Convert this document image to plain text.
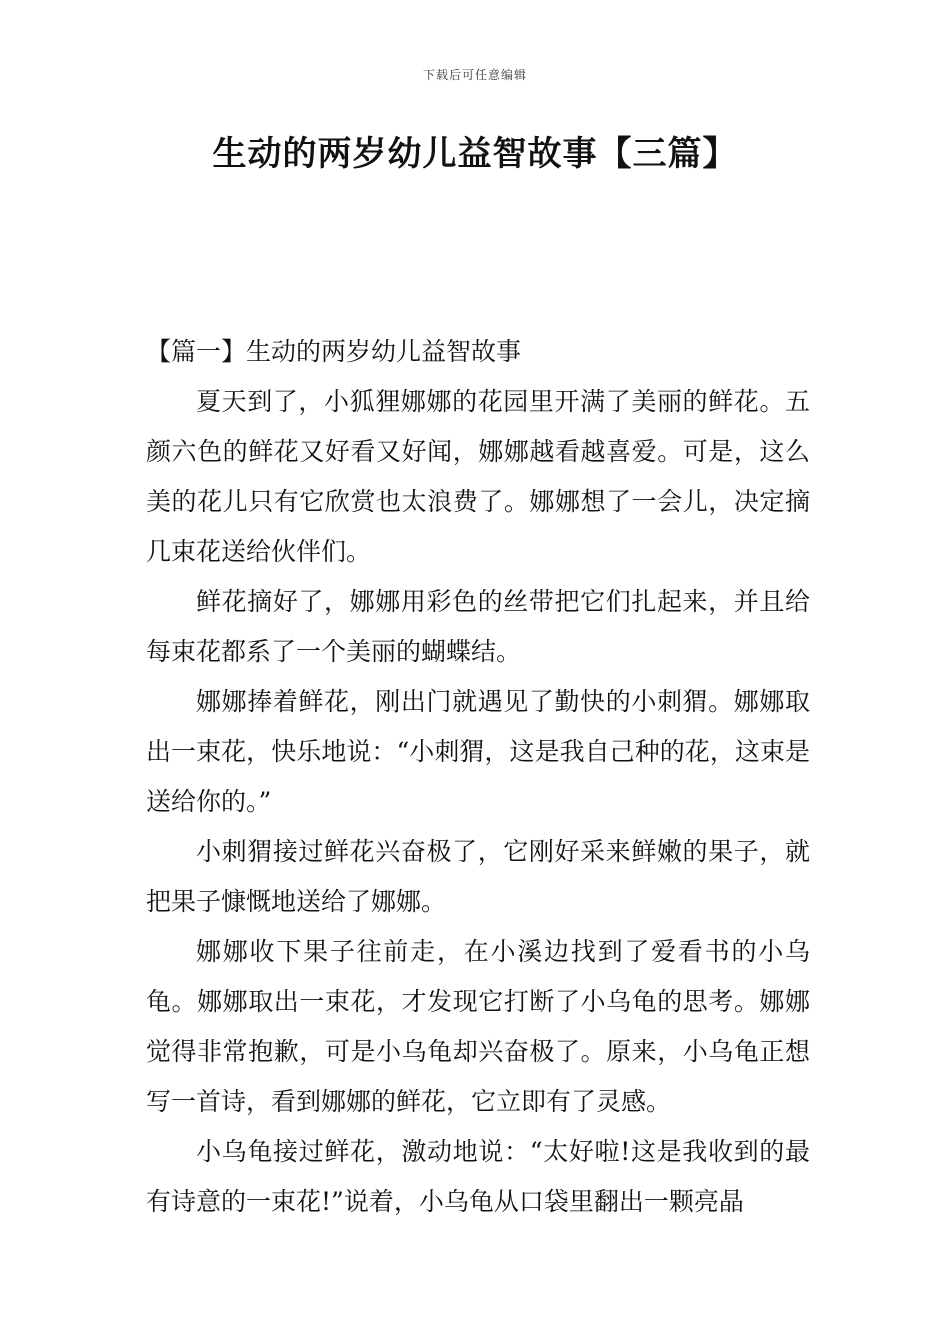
下载后可任意编辑
生动的两岁幼儿益智故事【三篇】
【篇一】生动的两岁幼儿益智故事

夏天到了，小狐狸娜娜的花园里开满了美丽的鲜花。五颜六色的鲜花又好看又好闻，娜娜越看越喜爱。可是，这么美的花儿只有它欣赏也太浪费了。娜娜想了一会儿，决定摘几束花送给伙伴们。

鲜花摘好了，娜娜用彩色的丝带把它们扎起来，并且给每束花都系了一个美丽的蝴蝶结。

娜娜捧着鲜花，刚出门就遇见了勤快的小刺猬。娜娜取出一束花，快乐地说：“小刺猬，这是我自己种的花，这束是送给你的。”

小刺猬接过鲜花兴奋极了，它刚好采来鲜嫩的果子，就把果子慷慨地送给了娜娜。

娜娜收下果子往前走，在小溪边找到了爱看书的小乌龟。娜娜取出一束花，才发现它打断了小乌龟的思考。娜娜觉得非常抱歉，可是小乌龟却兴奋极了。原来，小乌龟正想写一首诗，看到娜娜的鲜花，它立即有了灵感。

小乌龟接过鲜花，激动地说：“太好啦!这是我收到的最有诗意的一束花!”说着，小乌龟从口袋里翻出一颗亮晶
